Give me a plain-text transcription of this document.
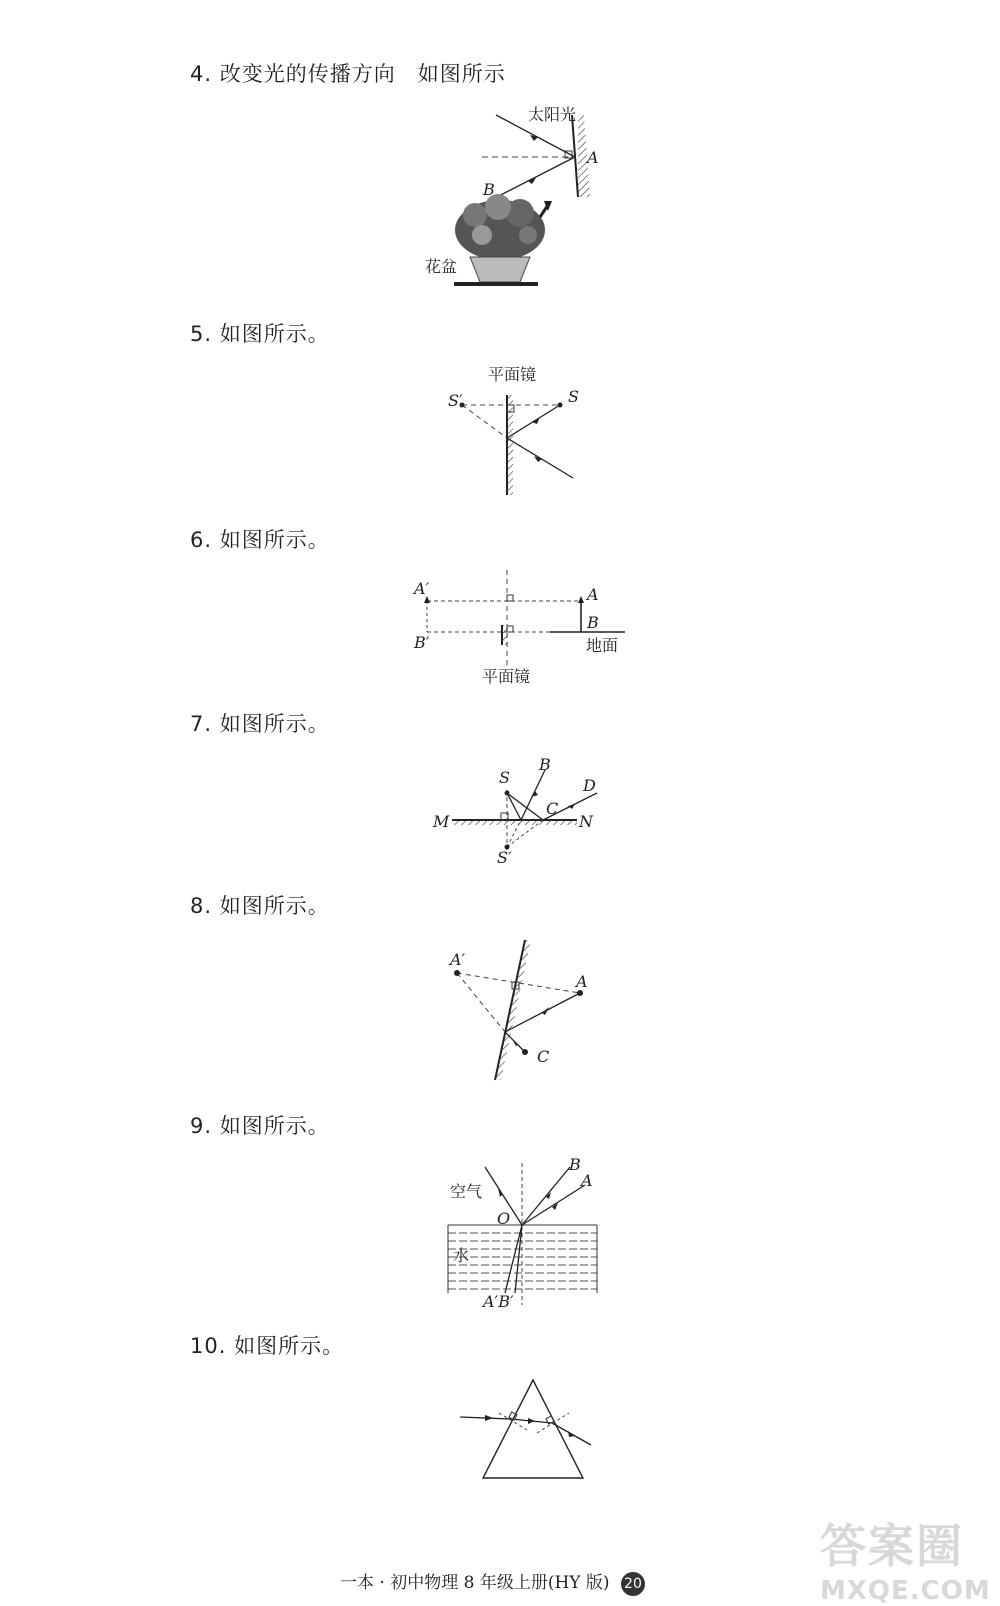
4. 改变光的传播方向　如图所示
太阳光
A
B
花盆
5. 如图所示。
平面镜
S′	S
6. 如图所示。
A′	A
B′
B
地面
平面镜
7. 如图所示。
S
B
D
C
M	N
S′
8. 如图所示。
A′
A
C
9. 如图所示。
空气
水
O
A
B
A′B′
10. 如图所示。
一本 · 初中物理 8 年级上册(HY 版) 20
答案圈
MXQE.COM
